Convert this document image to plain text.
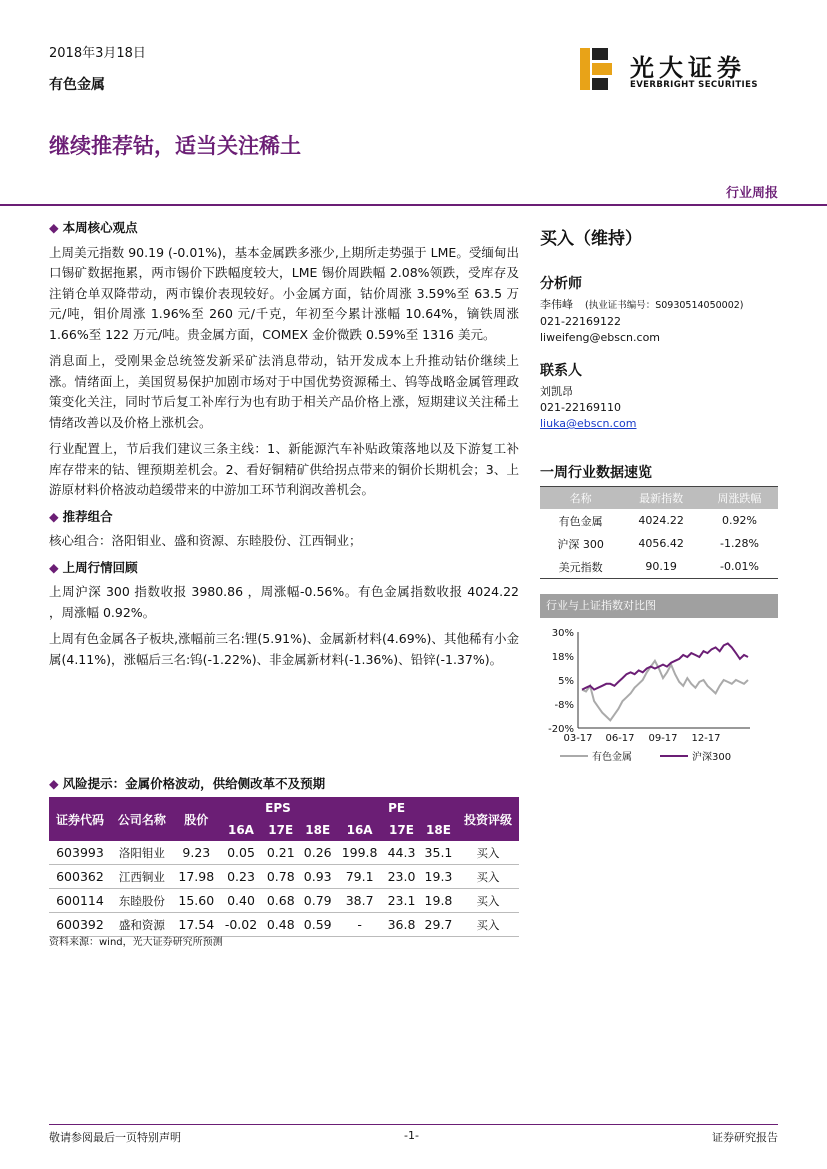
2018年3月18日
有色金属
光大证券
EVERBRIGHT SECURITIES
继续推荐钴，适当关注稀土
行业周报
◆ 本周核心观点

上周美元指数 90.19 (-0.01%)，基本金属跌多涨少,上期所走势强于 LME。受缅甸出口锡矿数据拖累，两市锡价下跌幅度较大，LME 锡价周跌幅 2.08%领跌，受库存及注销仓单双降带动，两市镍价表现较好。小金属方面，钴价周涨 3.59%至 63.5 万元/吨，钼价周涨 1.96%至 260 元/千克，年初至今累计涨幅 10.64%，镝铁周涨 1.66%至 122 万元/吨。贵金属方面，COMEX 金价微跌 0.59%至 1316 美元。

消息面上，受刚果金总统签发新采矿法消息带动，钴开发成本上升推动钴价继续上涨。情绪面上，美国贸易保护加剧市场对于中国优势资源稀土、钨等战略金属管理政策变化关注，同时节后复工补库行为也有助于相关产品价格上涨，短期建议关注稀土情绪改善以及价格上涨机会。

行业配置上，节后我们建议三条主线：1、新能源汽车补贴政策落地以及下游复工补库存带来的钴、锂预期差机会。2、看好铜精矿供给拐点带来的铜价长期机会；3、上游原材料价格波动趋缓带来的中游加工环节利润改善机会。

◆ 推荐组合

核心组合：洛阳钼业、盛和资源、东睦股份、江西铜业；

◆ 上周行情回顾

上周沪深 300 指数收报 3980.86 ，周涨幅-0.56%。有色金属指数收报 4024.22 ，周涨幅 0.92%。

上周有色金属各子板块,涨幅前三名:锂(5.91%)、金属新材料(4.69%)、其他稀有小金属(4.11%)，涨幅后三名:钨(-1.22%)、非金属新材料(-1.36%)、铅锌(-1.37%)。

◆ 风险提示：金属价格波动，供给侧改革不及预期
证券代码	公司名称	股价	EPS			PE			投资评级
			16A	17E	18E	16A	17E	18E	
603993	洛阳钼业	9.23	0.05	0.21	0.26	199.8	44.3	35.1	买入
600362	江西铜业	17.98	0.23	0.78	0.93	79.1	23.0	19.3	买入
600114	东睦股份	15.60	0.40	0.68	0.79	38.7	23.1	19.8	买入
600392	盛和资源	17.54	-0.02	0.48	0.59	-	36.8	29.7	买入
资料来源：wind，光大证券研究所预测
买入（维持）
分析师
李伟峰 (执业证书编号：S0930514050002)
021-22169122
liweifeng@ebscn.com
联系人
刘凯昂
021-22169110
liuka@ebscn.com
一周行业数据速览
名称	最新指数	周涨跌幅
有色金属	4024.22	0.92%
沪深 300	4056.42	-1.28%
美元指数	90.19	-0.01%
行业与上证指数对比图
30%
18%
5%
-8%
-20%
03-17 06-17 09-17 12-17
有色金属	沪深300
敬请参阅最后一页特别声明	-1-	证券研究报告
